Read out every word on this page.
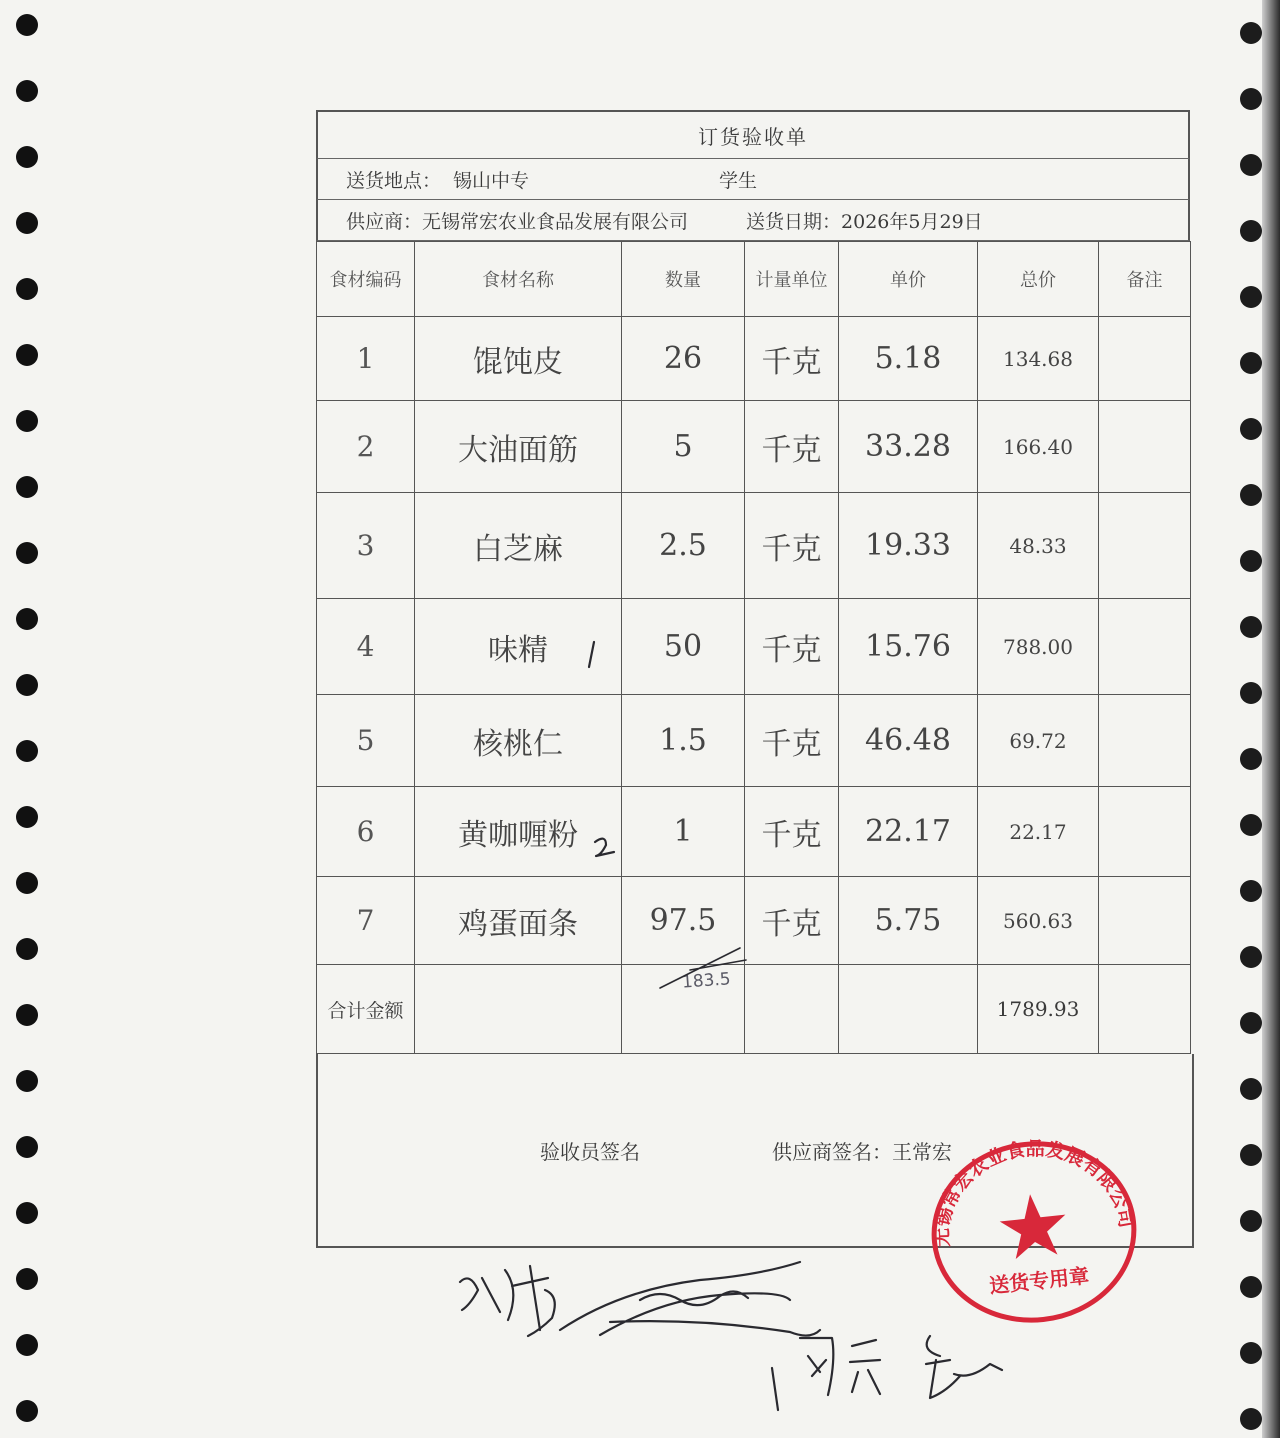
订货验收单
送货地点： 锡山中专	学生
供应商： 无锡常宏农业食品发展有限公司	送货日期： 2026年5月29日
食材编码	食材名称	数量	计量单位	单价	总价	备注
1	馄饨皮	26	千克	5.18	134.68	
2	大油面筋	5	千克	33.28	166.40	
3	白芝麻	2.5	千克	19.33	48.33	
4	味精	50	千克	15.76	788.00	
5	核桃仁	1.5	千克	46.48	69.72	
6	黄咖喱粉	1	千克	22.17	22.17	
7	鸡蛋面条	97.5	千克	5.75	560.63	
合计金额		183.5			1789.93	
验收员签名	供应商签名：王常宏
无锡常宏农业食品发展有限公司
送货专用章
